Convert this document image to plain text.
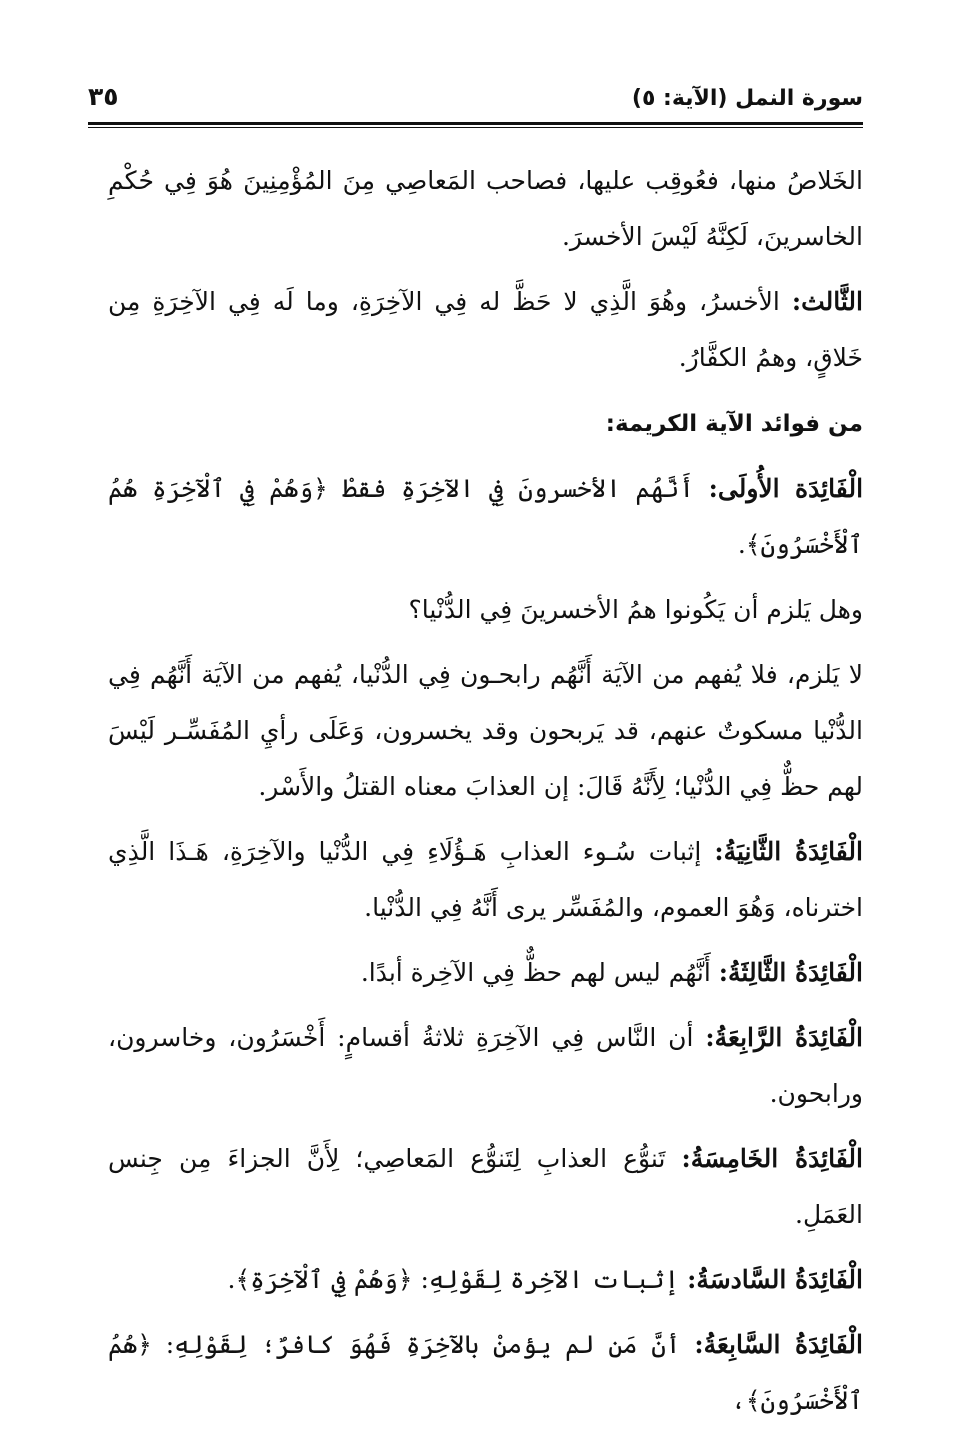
سورة النمل (الآية: ٥)
٣٥

الخَلاصُ منها، فعُوقِب عليها، فصاحب المَعاصِي مِنَ المُؤْمِنِينَ هُوَ فِي حُكْمِ الخاسرينَ، لَكِنَّهُ لَيْسَ الأخسرَ.

الثَّالث: الأخسرُ، وهُوَ الَّذِي لا حَظَّ له فِي الآخِرَةِ، وما لَه فِي الآخِرَةِ مِن خَلاقٍ، وهمُ الكفَّارُ.

من فوائد الآية الكريمة:

الْفَائِدَة الأُولَى: أَنَّهُم الأخسرونَ فِي الآخِرَةِ فقطْ ﴿وَهُمْ فِي ٱلْآخِرَةِ هُمُ ٱلْأَخْسَرُونَ﴾.

وهل يَلزم أن يَكُونوا همُ الأخسرينَ فِي الدُّنْيا؟

لا يَلزم، فلا يُفهم من الآيَة أَنَّهُم رابحـون فِي الدُّنْيا، يُفهم من الآيَة أَنَّهُم فِي الدُّنْيا مسكوتٌ عنهم، قد يَربحون وقد يخسرون، وَعَلَى رأيِ المُفَسِّـر لَيْسَ لهم حظٌّ فِي الدُّنْيا؛ لِأَنَّهُ قَالَ: إن العذابَ معناه القتلُ والأَسْر.

الْفَائِدَةُ الثَّانِيَةُ: إثبات سُـوء العذابِ هَـؤُلَاءِ فِي الدُّنْيا والآخِرَةِ، هَـذَا الَّذِي اخترناه، وَهُوَ العموم، والمُفَسِّر يرى أَنَّهُ فِي الدُّنْيا.

الْفَائِدَةُ الثَّالِثَةُ: أَنَّهُم ليس لهم حظٌّ فِي الآخِرة أبدًا.

الْفَائِدَةُ الرَّابِعَةُ: أن النَّاس فِي الآخِرَةِ ثلاثةُ أقسامٍ: أَخْسَرُون، وخاسرون، ورابحون.

الْفَائِدَةُ الخَامِسَةُ: تَنوُّع العذابِ لِتَنوُّع المَعاصِي؛ لِأَنَّ الجزاءَ مِن جِنس العَمَلِ.

الْفَائِدَةُ السَّادسَةُ: إثبات الآخِرة لِقَوْلِهِ: ﴿وَهُمْ فِي ٱلْآخِرَةِ﴾.

الْفَائِدَةُ السَّابِعَةُ: أنَّ مَن لم يؤمنْ بالآخِرَةِ فَهُوَ كافرٌ؛ لِقَوْلِهِ: ﴿هُمُ ٱلْأَخْسَرُونَ﴾،
